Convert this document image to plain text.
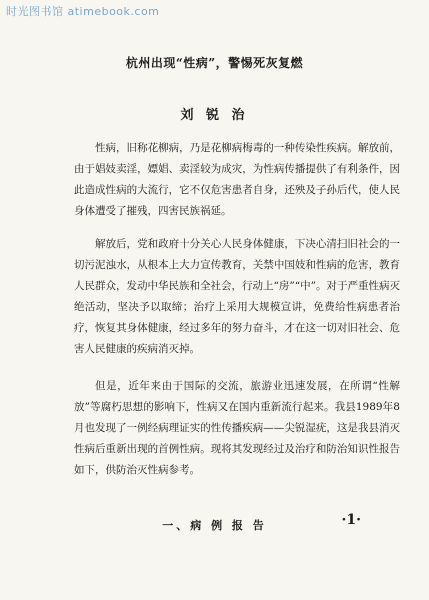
时光图书馆 atimebook.com
杭州出现“性病”，警惕死灰复燃
刘 锐 治

性病，旧称花柳病，乃是花柳病梅毒的一种传染性疾病。解放前，由于娼妓卖淫，嫖娼、卖淫较为成灾，为性病传播提供了有利条件，因此造成性病的大流行，它不仅危害患者自身，还殃及子孙后代，使人民身体遭受了摧残，四害民族祸延。

解放后，党和政府十分关心人民身体健康，下决心清扫旧社会的一切污泥浊水，从根本上大力宣传教育，关禁中国妓和性病的危害，教育人民群众，发动中华民族和全社会，行动上“房”“中”。对于严重性病灭绝活动，坚决予以取缔；治疗上采用大规模宣讲，免费给性病患者治疗，恢复其身体健康，经过多年的努力奋斗，才在这一切对旧社会、危害人民健康的疾病消灭掉。

但是，近年来由于国际的交流，旅游业迅速发展，在所谓“性解放”等腐朽思想的影响下，性病又在国内重新流行起来。我县1989年8月也发现了一例经病理证实的性传播疾病——尖锐湿疣，这是我县消灭性病后重新出现的首例性病。现将其发现经过及治疗和防治知识性报告如下，供防治灭性病参考。

一、病 例 报 告	·1·
